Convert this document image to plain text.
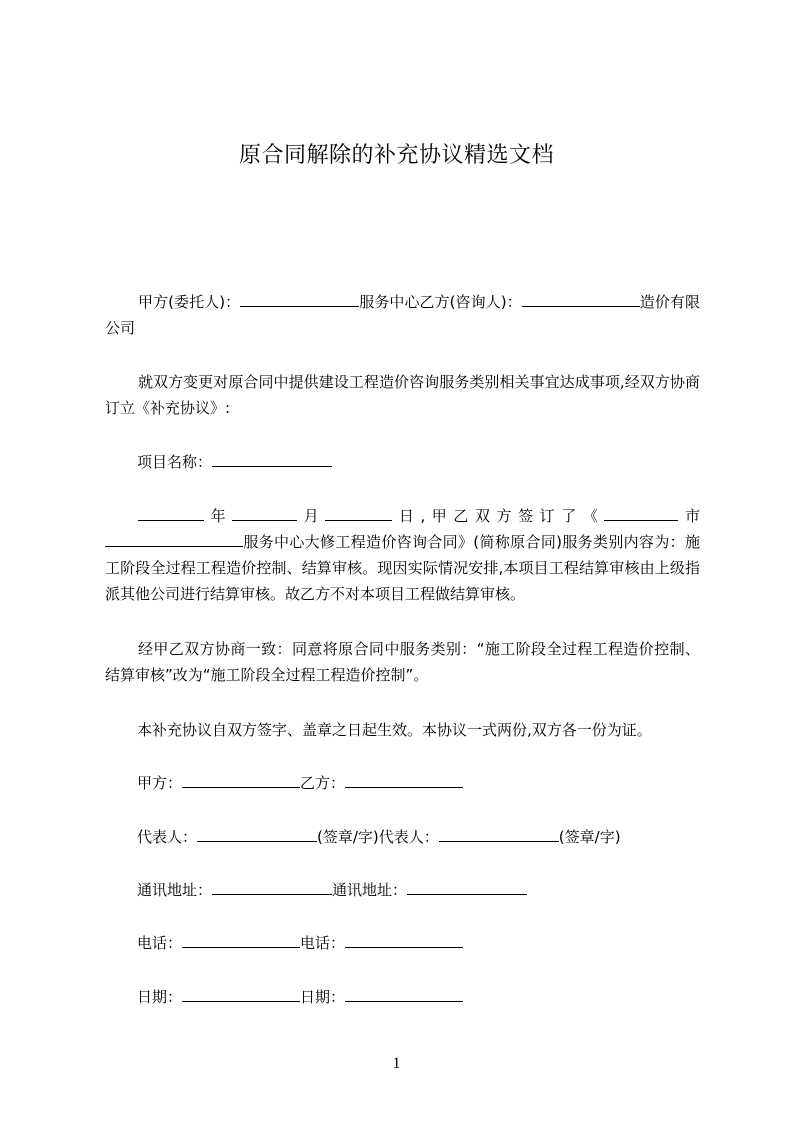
原合同解除的补充协议精选文档

甲方(委托人)：	服务中心乙方(咨询人)：	造价有限公司

就双方变更对原合同中提供建设工程造价咨询服务类别相关事宜达成事项,经双方协商订立《补充协议》:

项目名称：

年	月	日,甲乙双方签订了《	市服务中心大修工程造价咨询合同》(简称原合同)服务类别内容为：施工阶段全过程工程造价控制、结算审核。现因实际情况安排,本项目工程结算审核由上级指派其他公司进行结算审核。故乙方不对本项目工程做结算审核。

经甲乙双方协商一致：同意将原合同中服务类别：“施工阶段全过程工程造价控制、结算审核”改为“施工阶段全过程工程造价控制”。

本补充协议自双方签字、盖章之日起生效。本协议一式两份,双方各一份为证。
甲方：	乙方：
代表人：	(签章/字)代表人：	(签章/字)
通讯地址：	通讯地址：
电话：	电话：
日期：	日期：
1
